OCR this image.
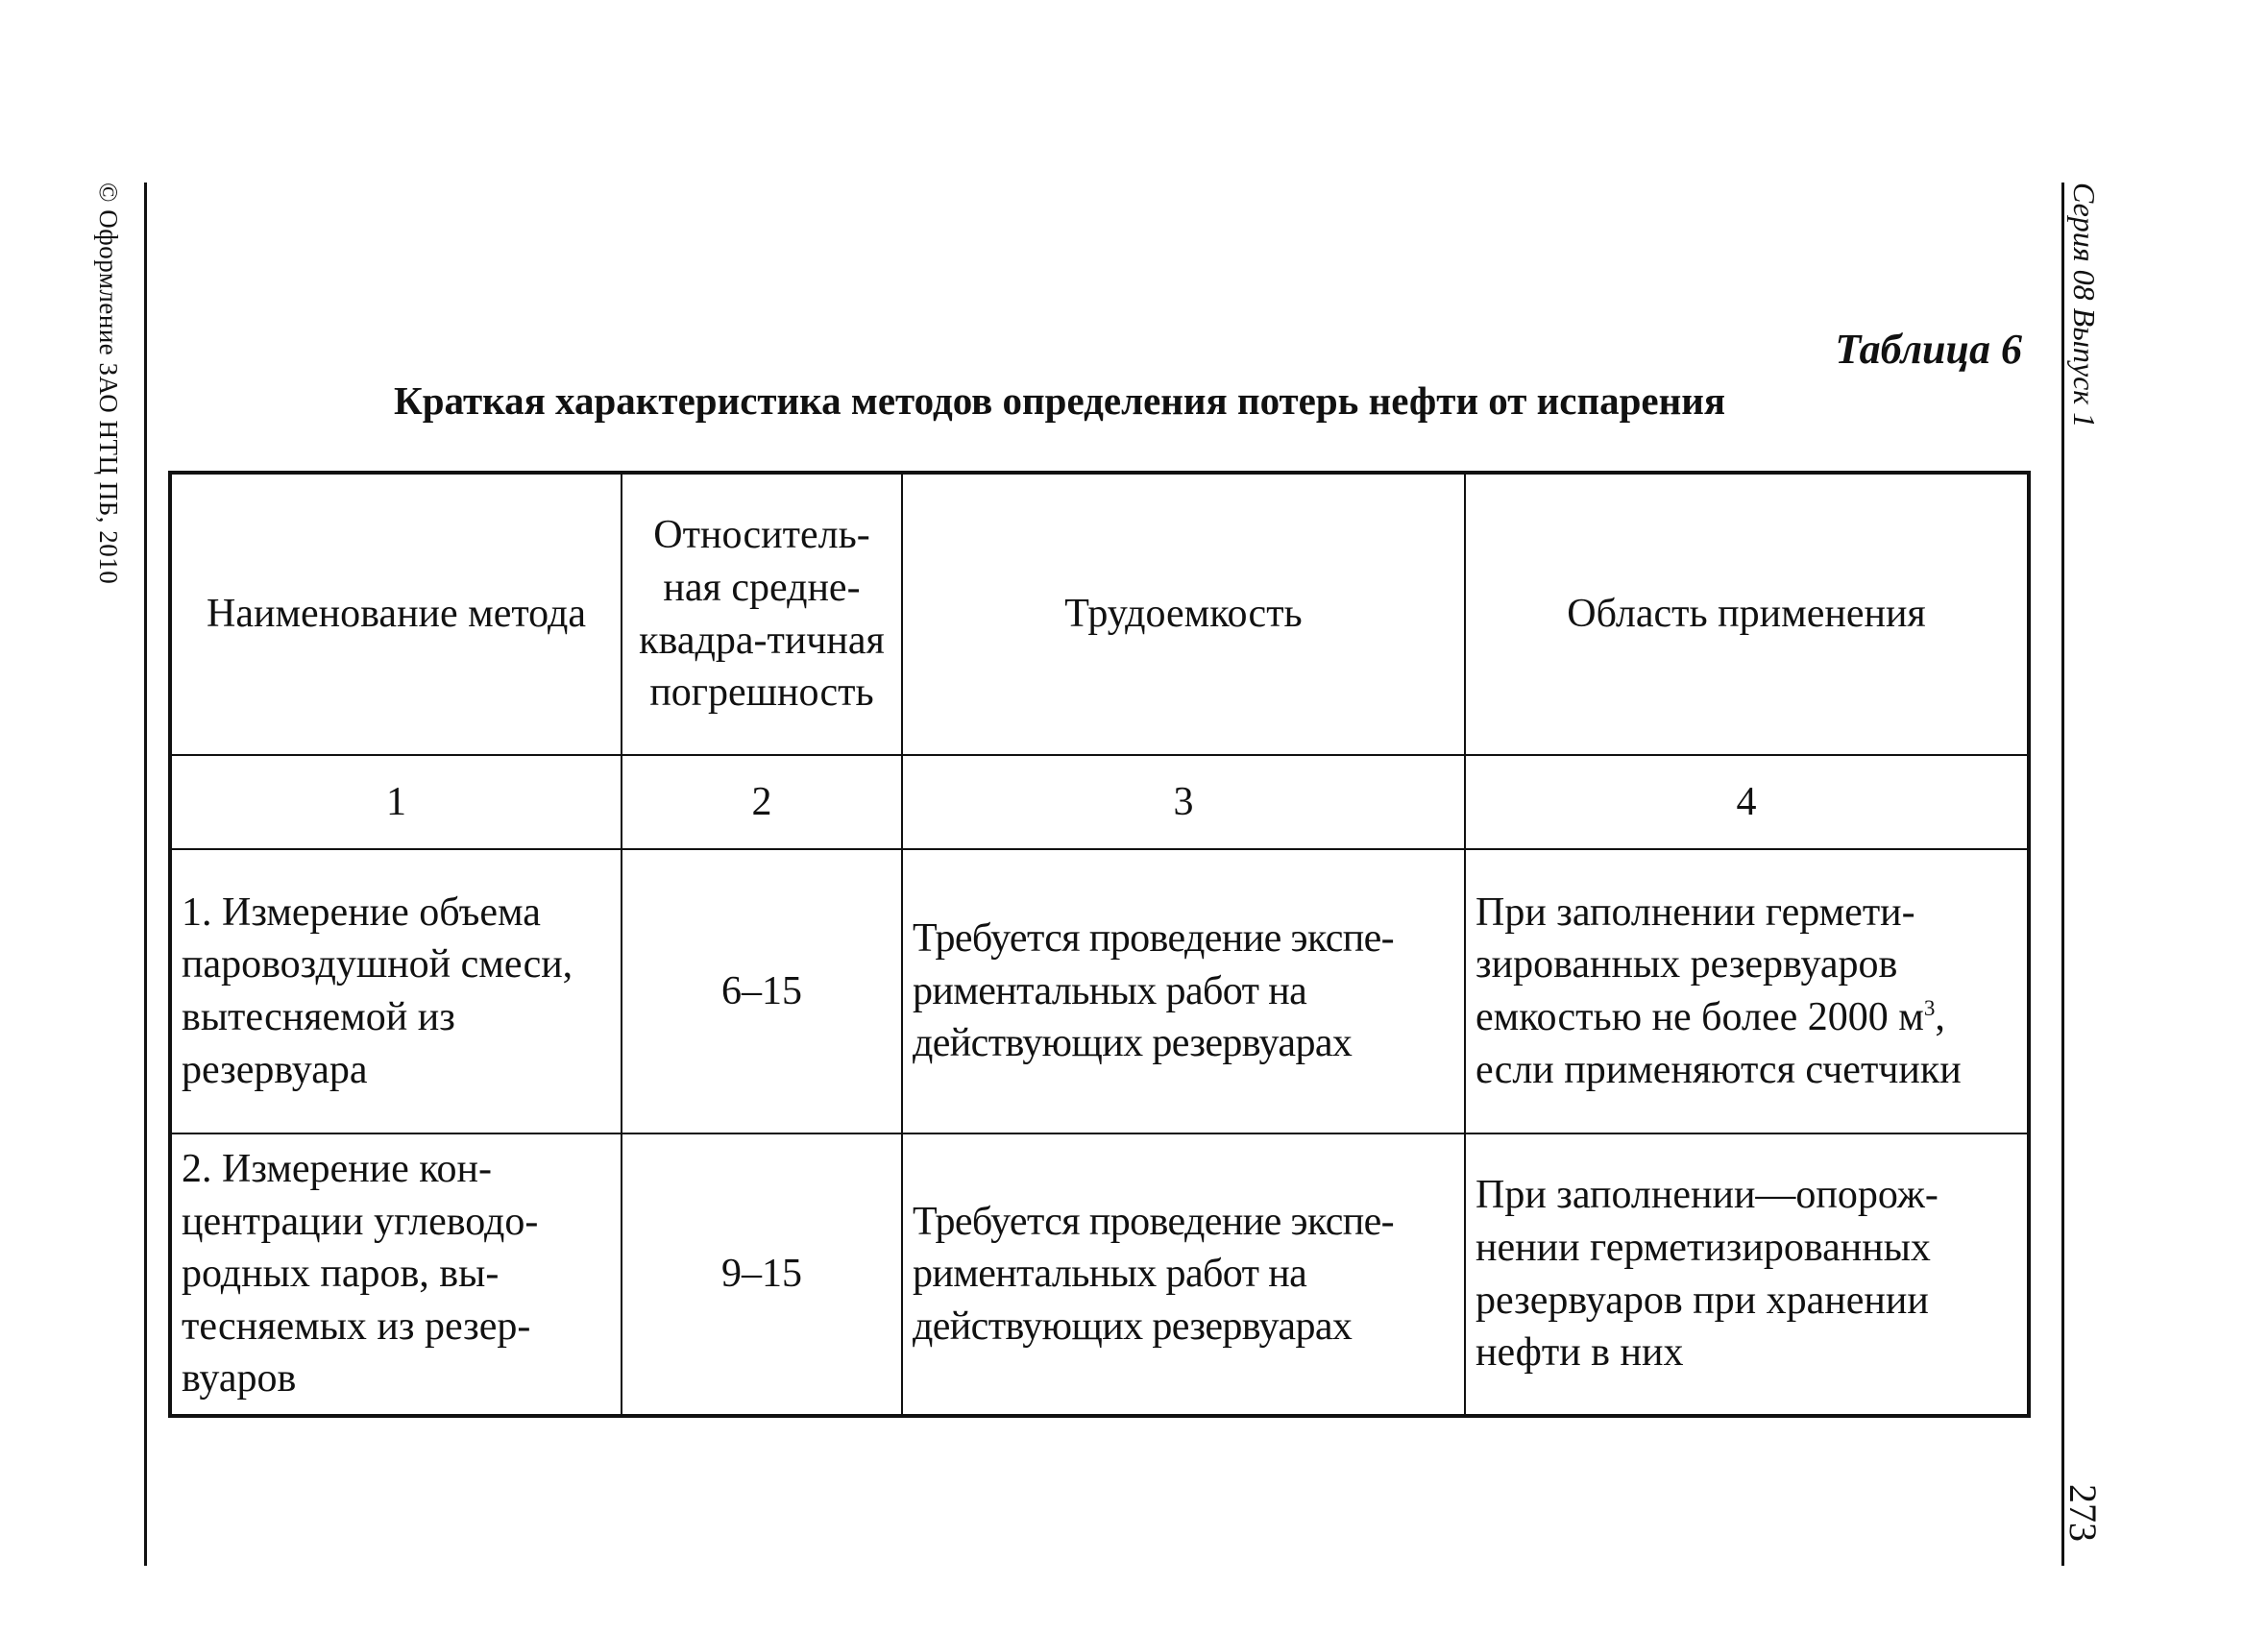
© Оформление ЗАО НТЦ ПБ, 2010	Серия 08 Выпуск 1
273
Таблица 6
Краткая характеристика методов определения потерь нефти от испарения
Наименование метода	Относитель-ная средне-квадра-тичная погрешность	Трудоемкость	Область применения
1	2	3	4
1. Измерение объема паровоздушной смеси, вытесняемой из резервуара	6–15	Требуется проведение экспе-риментальных работ на действующих резервуарах	При заполнении гермети-зированных резервуаров емкостью не более 2000 $м^3$, если применяются счетчики
2. Измерение кон-центрации углеводо-родных паров, вы-тесняемых из резер-вуаров	9–15	Требуется проведение экспе-риментальных работ на действующих резервуарах	При заполнении—опорож-нении герметизированных резервуаров при хранении нефти в них
